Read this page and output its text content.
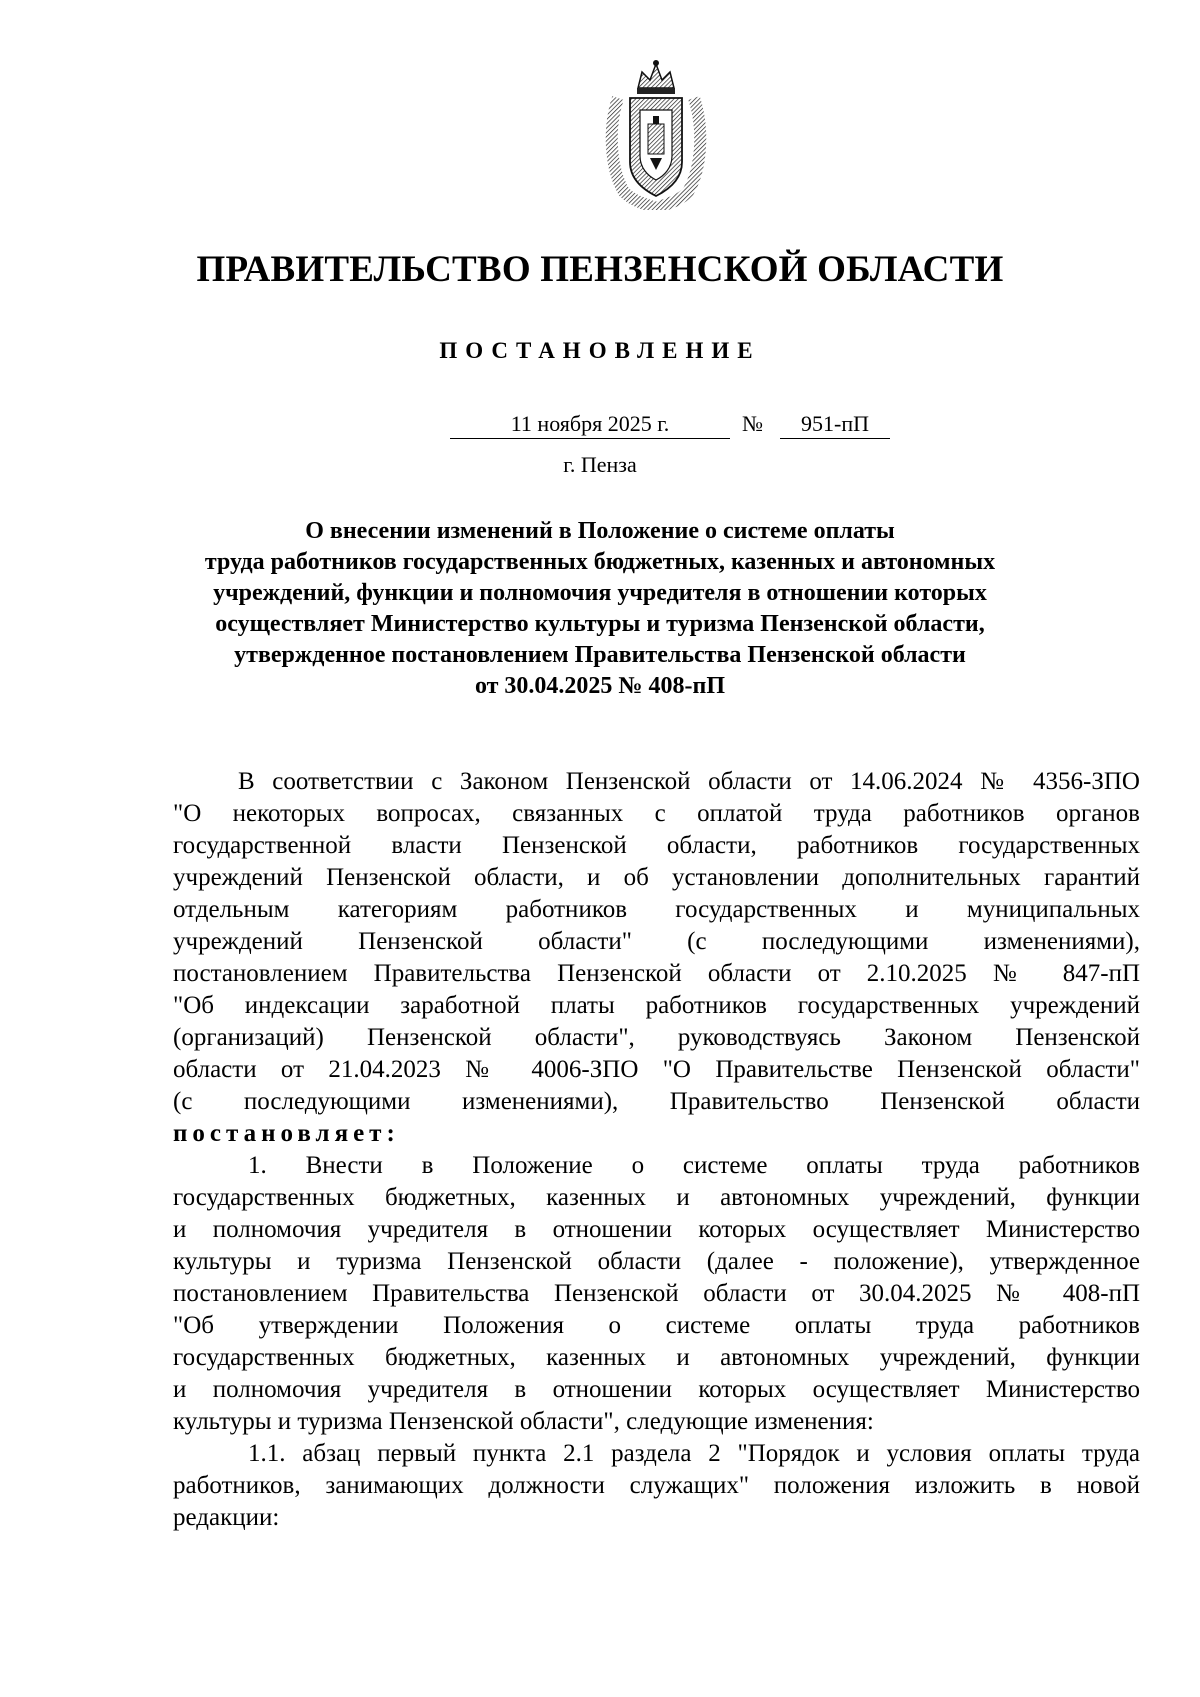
ПРАВИТЕЛЬСТВО ПЕНЗЕНСКОЙ ОБЛАСТИ
ПОСТАНОВЛЕНИЕ
11 ноября 2025 г.	№	951-пП
г. Пенза
О внесении изменений в Положение о системе оплаты
труда работников государственных бюджетных, казенных и автономных
учреждений, функции и полномочия учредителя в отношении которых
осуществляет Министерство культуры и туризма Пензенской области,
утвержденное постановлением Правительства Пензенской области
от 30.04.2025 № 408-пП
В соответствии с Законом Пензенской области от 14.06.2024 № 4356-ЗПО
"О некоторых вопросах, связанных с оплатой труда работников органов
государственной власти Пензенской области, работников государственных
учреждений Пензенской области, и об установлении дополнительных гарантий
отдельным категориям работников государственных и муниципальных
учреждений Пензенской области" (с последующими изменениями),
постановлением Правительства Пензенской области от 2.10.2025 № 847-пП
"Об индексации заработной платы работников государственных учреждений
(организаций) Пензенской области", руководствуясь Законом Пензенской
области от 21.04.2023 № 4006-ЗПО "О Правительстве Пензенской области"
(с последующими изменениями), Правительство Пензенской области
постановляет:
1. Внести в Положение о системе оплаты труда работников
государственных бюджетных, казенных и автономных учреждений, функции
и полномочия учредителя в отношении которых осуществляет Министерство
культуры и туризма Пензенской области (далее - положение), утвержденное
постановлением Правительства Пензенской области от 30.04.2025 № 408-пП
"Об утверждении Положения о системе оплаты труда работников
государственных бюджетных, казенных и автономных учреждений, функции
и полномочия учредителя в отношении которых осуществляет Министерство
культуры и туризма Пензенской области", следующие изменения:
1.1. абзац первый пункта 2.1 раздела 2 "Порядок и условия оплаты труда
работников, занимающих должности служащих" положения изложить в новой
редакции:
